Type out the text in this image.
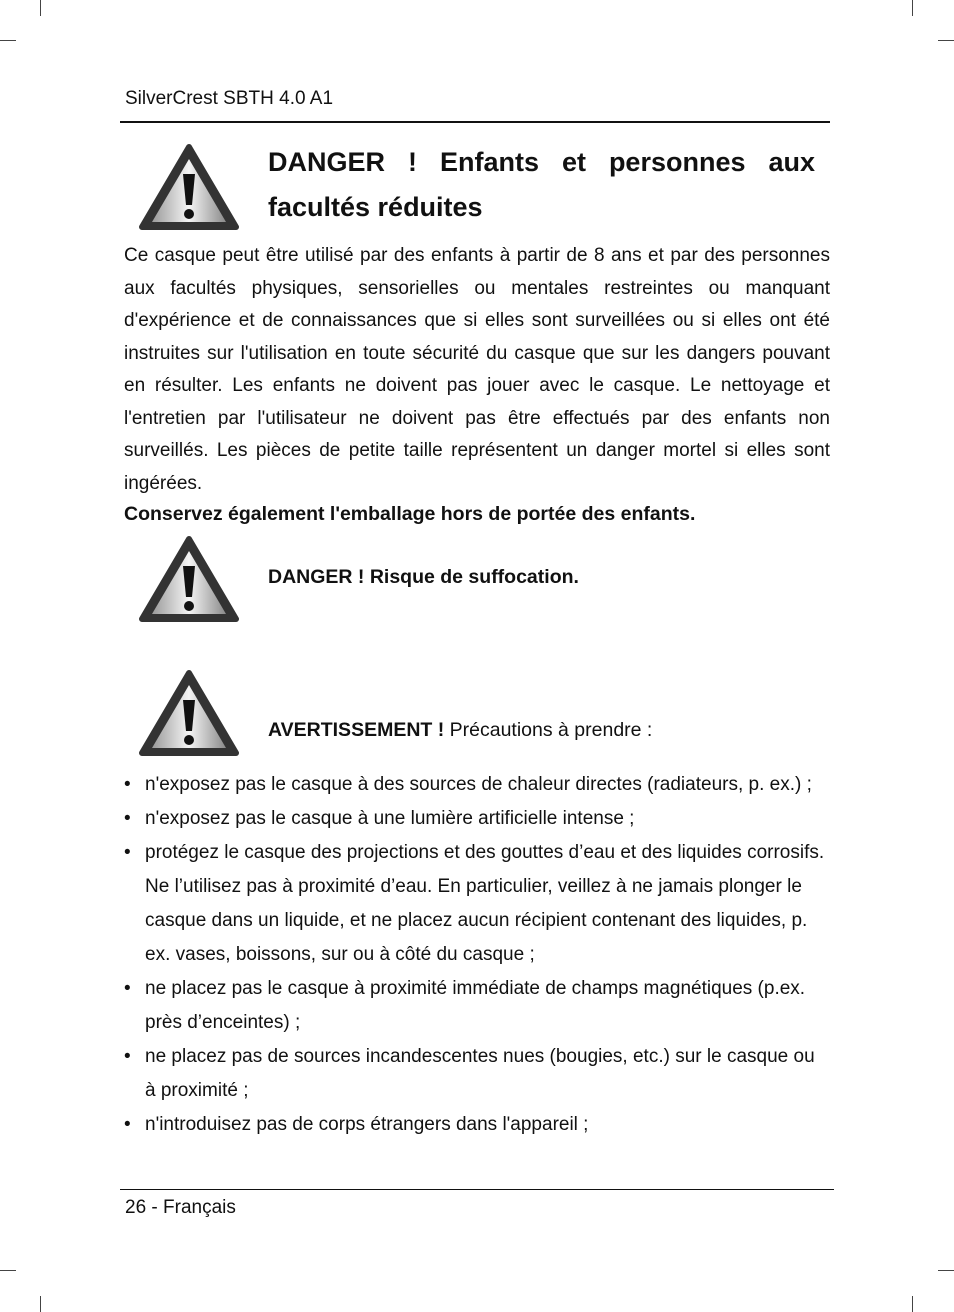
SilverCrest SBTH 4.0 A1
DANGER ! Enfants et personnes aux facultés réduites

Ce casque peut être utilisé par des enfants à partir de 8 ans et par des personnes aux facultés physiques, sensorielles ou mentales restreintes ou manquant d'expérience et de connaissances que si elles sont surveillées ou si elles ont été instruites sur l'utilisation en toute sécurité du casque que sur les dangers pouvant en résulter. Les enfants ne doivent pas jouer avec le casque. Le nettoyage et l'entretien par l'utilisateur ne doivent pas être effectués par des enfants non surveillés. Les pièces de petite taille représentent un danger mortel si elles sont ingérées.

Conservez également l'emballage hors de portée des enfants.
DANGER ! Risque de suffocation.
AVERTISSEMENT ! Précautions à prendre :
• n'exposez pas le casque à des sources de chaleur directes (radiateurs, p. ex.) ;
• n'exposez pas le casque à une lumière artificielle intense ;
• protégez le casque des projections et des gouttes d’eau et des liquides corrosifs. Ne l’utilisez pas à proximité d’eau. En particulier, veillez à ne jamais plonger le casque dans un liquide, et ne placez aucun récipient contenant des liquides, p. ex. vases, boissons, sur ou à côté du casque ;
• ne placez pas le casque à proximité immédiate de champs magnétiques (p.ex. près d’enceintes) ;
• ne placez pas de sources incandescentes nues (bougies, etc.) sur le casque ou à proximité ;
• n'introduisez pas de corps étrangers dans l'appareil ;
26 - Français
